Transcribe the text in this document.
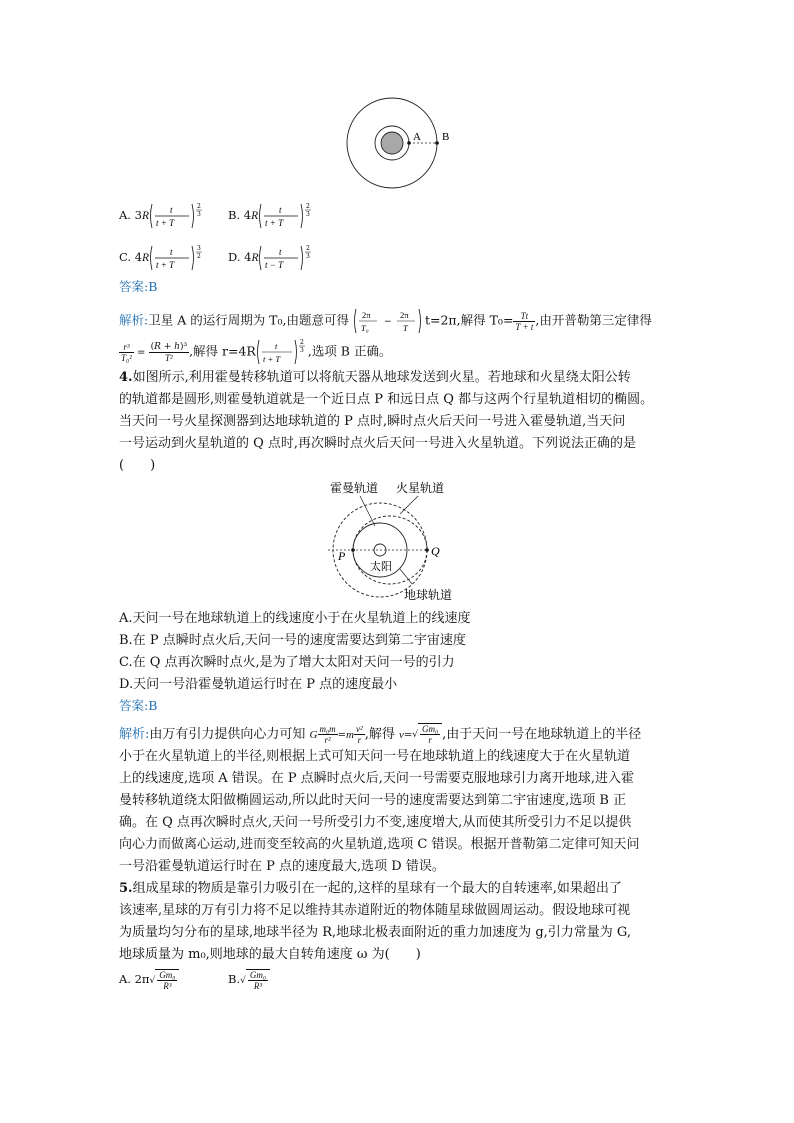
A B
A. 3R t
t + T
2
3 B. 4R t
t + T
2
3
C. 4R t
t + T
3
2 D. 4R t
t − T
2
3
答案:B
解析:卫星 A 的运行周期为 T₀,由题意可得 2π
T₀
−
2π
T
t=2π,解得 $T_0= \frac{Tt}{T + t}$ ,由开普勒第三定律得
$\frac{\text{r³}}{\text{T₀²}} = \frac{\text{(R + h)³}}{\text{T²}}$ ,解得 r=4R t
t + T
2
3 ,选项 B 正确。
4.如图所示,利用霍曼转移轨道可以将航天器从地球发送到火星。若地球和火星绕太阳公转
的轨道都是圆形,则霍曼轨道就是一个近日点 P 和远日点 Q 都与这两个行星轨道相切的椭圆。
当天问一号火星探测器到达地球轨道的 P 点时,瞬时点火后天问一号进入霍曼轨道,当天问
一号运动到火星轨道的 Q 点时,再次瞬时点火后天问一号进入火星轨道。下列说法正确的是
(　　)
霍曼轨道 火星轨道
P	Q
太阳
地球轨道
A.天问一号在地球轨道上的线速度小于在火星轨道上的线速度
B.在 P 点瞬时点火后,天问一号的速度需要达到第二宇宙速度
C.在 Q 点再次瞬时点火,是为了增大太阳对天问一号的引力
D.天问一号沿霍曼轨道运行时在 P 点的速度最小
答案:B
解析:由万有引力提供向心力可知 G $\frac{\text{m₀m}}{\text{r²}} =m \frac{\text{v²}}{r}$ ,解得 $v=√ \frac{\text{Gm₀}}{r}$ ,由于天问一号在地球轨道上的半径
小于在火星轨道上的半径,则根据上式可知天问一号在地球轨道上的线速度大于在火星轨道
上的线速度,选项 A 错误。在 P 点瞬时点火后,天问一号需要克服地球引力离开地球,进入霍
曼转移轨道绕太阳做椭圆运动,所以此时天问一号的速度需要达到第二宇宙速度,选项 B 正
确。在 Q 点再次瞬时点火,天问一号所受引力不变,速度增大,从而使其所受引力不足以提供
向心力而做离心运动,进而变至较高的火星轨道,选项 C 错误。根据开普勒第二定律可知天问
一号沿霍曼轨道运行时在 P 点的速度最大,选项 D 错误。
5.组成星球的物质是靠引力吸引在一起的,这样的星球有一个最大的自转速率,如果超出了
该速率,星球的万有引力将不足以维持其赤道附近的物体随星球做圆周运动。假设地球可视
为质量均匀分布的星球,地球半径为 R,地球北极表面附近的重力加速度为 g,引力常量为 G,
地球质量为 m₀,则地球的最大自转角速度 ω 为(　　)
A. $2\pi√ \frac{\text{Gm₀}}{\text{R³}}$	$B.√ \frac{\text{Gm₀}}{\text{R³}}$
